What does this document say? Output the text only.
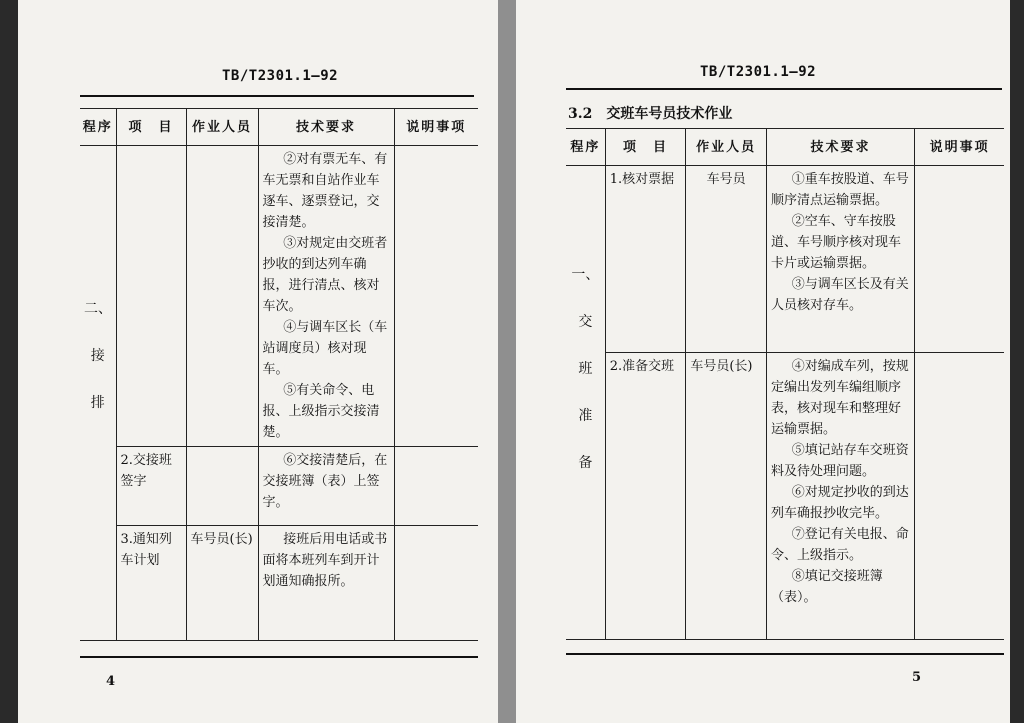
TB/T2301.1—92
程序	项　目	作业人员	技术要求	说明事项

二、
接
排			②对有票无车、有车无票和自站作业车逐车、逐票登记，交接清楚。
③对规定由交班者抄收的到达列车确报，进行清点、核对车次。
④与调车区长（车站调度员）核对现车。
⑤有关命令、电报、上级指示交接清楚。	

	2.交接班签字		⑥交接清楚后，在交接班簿（表）上签字。	

	3.通知列车计划	车号员(长)	接班后用电话或书面将本班列车到开计划通知确报所。	

4
TB/T2301.1—92
3.2　交班车号员技术作业
程序	项　目	作业人员	技术要求	说明事项

一、
交
班
准
备	1.核对票据	车号员	①重车按股道、车号顺序清点运输票据。
②空车、守车按股道、车号顺序核对现车卡片或运输票据。
③与调车区长及有关人员核对存车。	

	2.准备交班	车号员(长)	④对编成车列，按规定编出发列车编组顺序表，核对现车和整理好运输票据。
⑤填记站存车交班资料及待处理问题。
⑥对规定抄收的到达列车确报抄收完毕。
⑦登记有关电报、命令、上级指示。
⑧填记交接班簿（表）。	

5
